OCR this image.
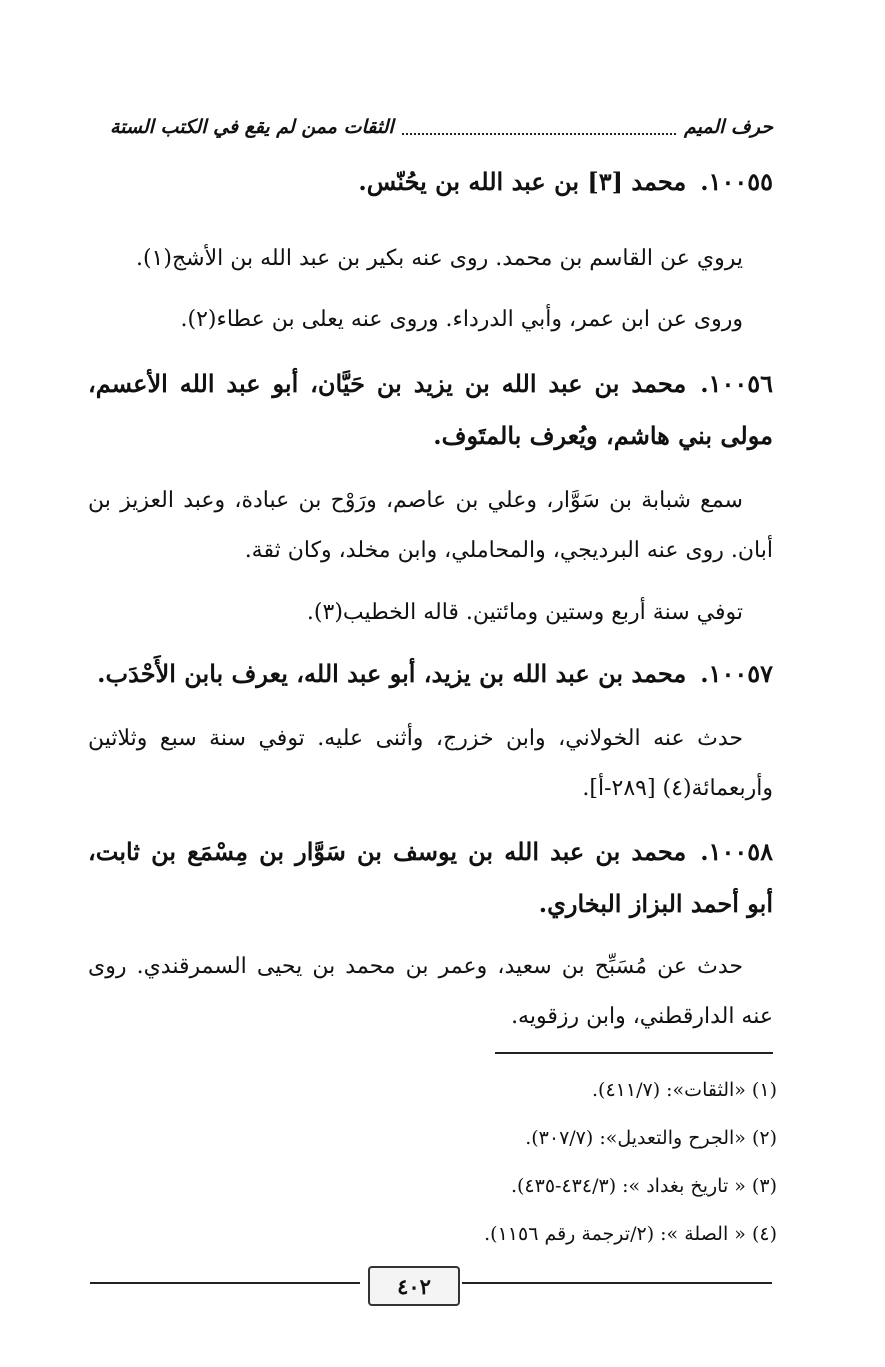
حرف الميم
الثقات ممن لم يقع في الكتب الستة
١٠٠٥٥.محمد [٣] بن عبد الله بن يحُنّس.
يروي عن القاسم بن محمد. روى عنه بكير بن عبد الله بن الأشج(١).
وروى عن ابن عمر، وأبي الدرداء. وروى عنه يعلى بن عطاء(٢).
١٠٠٥٦.محمد بن عبد الله بن يزيد بن حَيَّان، أبو عبد الله الأعسم، مولى بني هاشم، ويُعرف بالمتَوف.
سمع شبابة بن سَوَّار، وعلي بن عاصم، ورَوْح بن عبادة، وعبد العزيز بن أبان. روى عنه البرديجي، والمحاملي، وابن مخلد، وكان ثقة.
توفي سنة أربع وستين ومائتين. قاله الخطيب(٣).
١٠٠٥٧.محمد بن عبد الله بن يزيد، أبو عبد الله، يعرف بابن الأَحْدَب.
حدث عنه الخولاني، وابن خزرج، وأثنى عليه. توفي سنة سبع وثلاثين وأربعمائة(٤) [٢٨٩-أ].
١٠٠٥٨.محمد بن عبد الله بن يوسف بن سَوَّار بن مِسْمَع بن ثابت، أبو أحمد البزاز البخاري.
حدث عن مُسَبِّح بن سعيد، وعمر بن محمد بن يحيى السمرقندي. روى عنه الدارقطني، وابن رزقويه.
(١) «الثقات»: (٤١١/٧).
(٢) «الجرح والتعديل»: (٣٠٧/٧).
(٣) « تاريخ بغداد »: (٤٣٤/٣-٤٣٥).
(٤) « الصلة »: (٢/ترجمة رقم ١١٥٦).
٤٠٢
